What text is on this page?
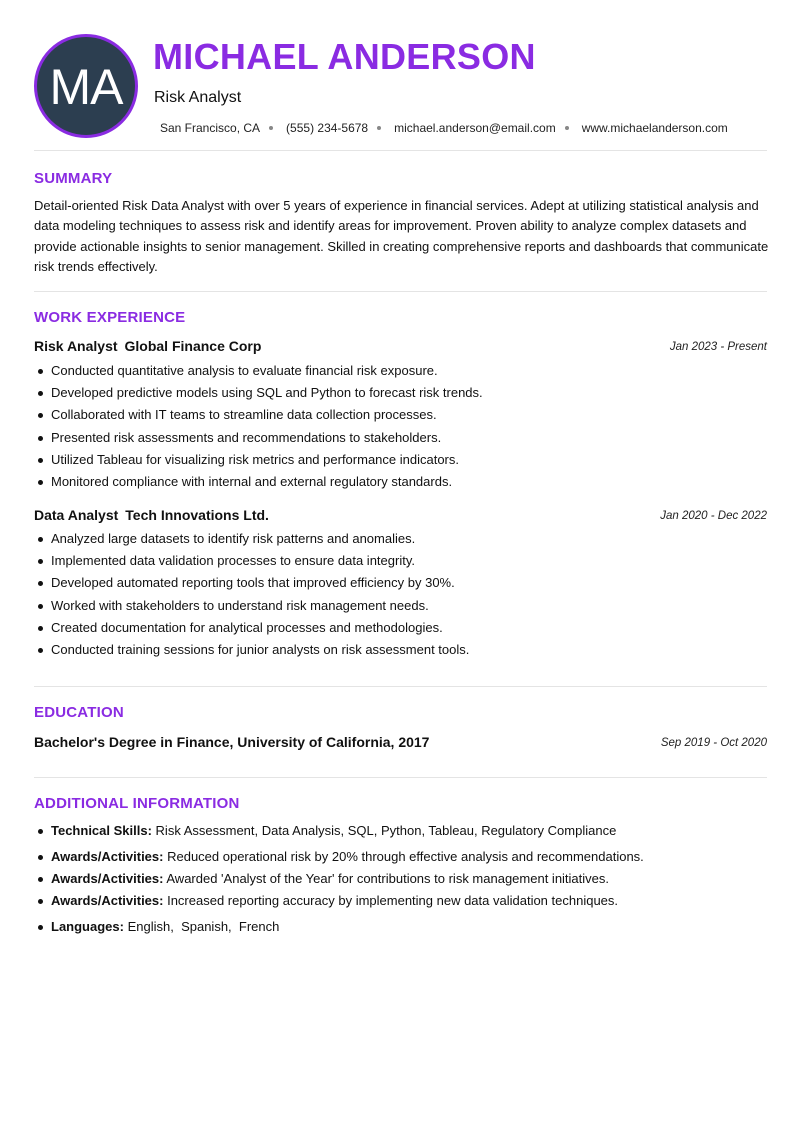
MA
MICHAEL ANDERSON
Risk Analyst
San Francisco, CA (555) 234-5678 michael.anderson@email.com www.michaelanderson.com
SUMMARY

Detail-oriented Risk Data Analyst with over 5 years of experience in financial services. Adept at utilizing statistical analysis and data modeling techniques to assess risk and identify areas for improvement. Proven ability to analyze complex datasets and provide actionable insights to senior management. Skilled in creating comprehensive reports and dashboards that communicate risk trends effectively.

WORK EXPERIENCE
Risk Analyst Global Finance Corp	Jan 2023 - Present
Conducted quantitative analysis to evaluate financial risk exposure.
Developed predictive models using SQL and Python to forecast risk trends.
Collaborated with IT teams to streamline data collection processes.
Presented risk assessments and recommendations to stakeholders.
Utilized Tableau for visualizing risk metrics and performance indicators.
Monitored compliance with internal and external regulatory standards.
Data Analyst Tech Innovations Ltd.	Jan 2020 - Dec 2022
Analyzed large datasets to identify risk patterns and anomalies.
Implemented data validation processes to ensure data integrity.
Developed automated reporting tools that improved efficiency by 30%.
Worked with stakeholders to understand risk management needs.
Created documentation for analytical processes and methodologies.
Conducted training sessions for junior analysts on risk assessment tools.
EDUCATION
Bachelor's Degree in Finance, University of California, 2017	Sep 2019 - Oct 2020
ADDITIONAL INFORMATION
Technical Skills: Risk Assessment, Data Analysis, SQL, Python, Tableau, Regulatory Compliance
Awards/Activities: Reduced operational risk by 20% through effective analysis and recommendations.
Awards/Activities: Awarded 'Analyst of the Year' for contributions to risk management initiatives.
Awards/Activities: Increased reporting accuracy by implementing new data validation techniques.
Languages: English,  Spanish,  French
